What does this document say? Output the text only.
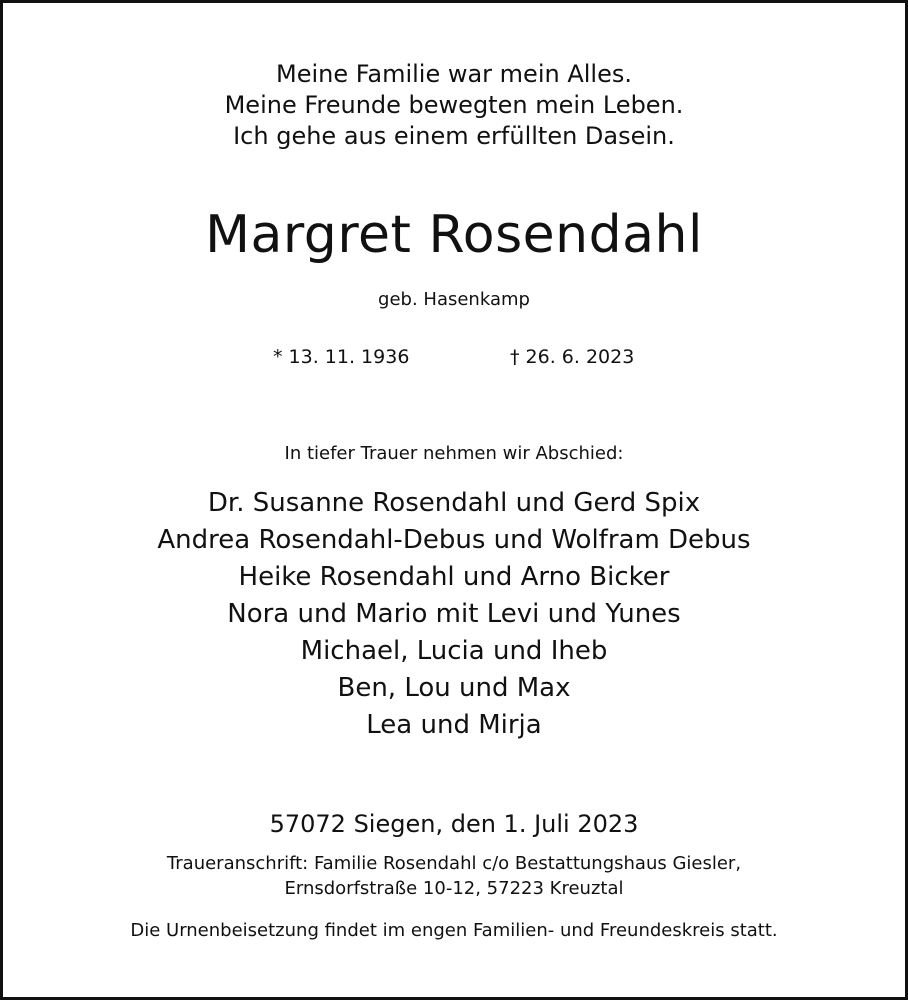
Meine Familie war mein Alles.
Meine Freunde bewegten mein Leben.
Ich gehe aus einem erfüllten Dasein.
Margret Rosendahl
geb. Hasenkamp
* 13. 11. 1936	† 26. 6. 2023
In tiefer Trauer nehmen wir Abschied:
Dr. Susanne Rosendahl und Gerd Spix
Andrea Rosendahl-Debus und Wolfram Debus
Heike Rosendahl und Arno Bicker
Nora und Mario mit Levi und Yunes
Michael, Lucia und Iheb
Ben, Lou und Max
Lea und Mirja
57072 Siegen, den 1. Juli 2023
Traueranschrift: Familie Rosendahl c/o Bestattungshaus Giesler,
Ernsdorfstraße 10-12, 57223 Kreuztal
Die Urnenbeisetzung findet im engen Familien- und Freundeskreis statt.
